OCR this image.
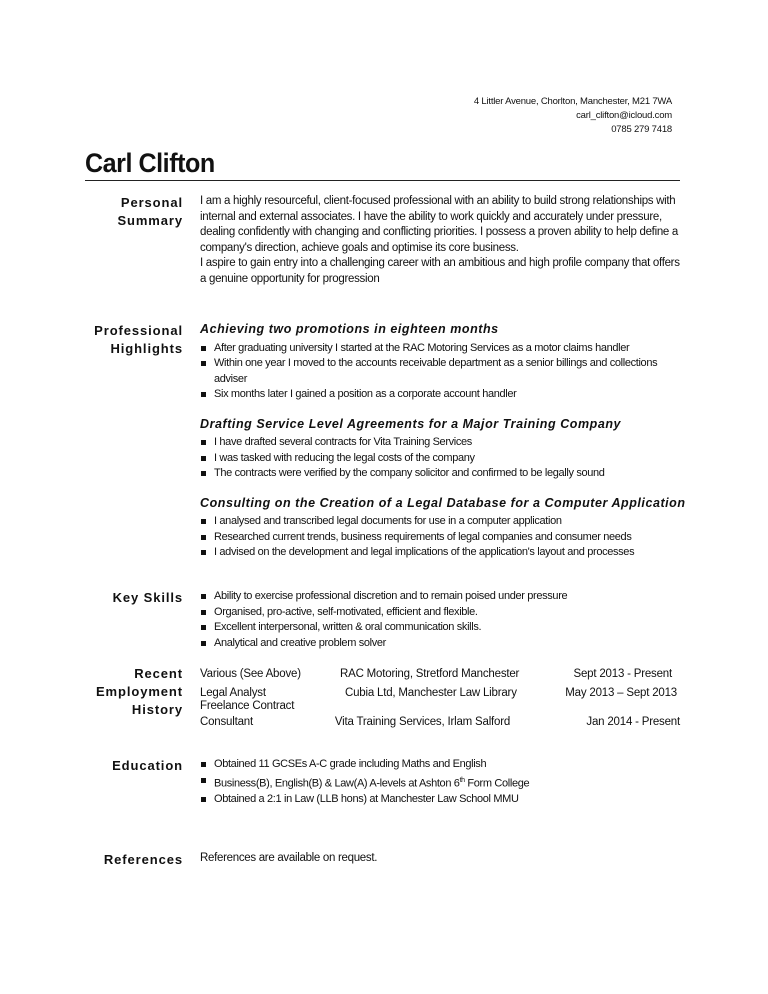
4 Littler Avenue, Chorlton, Manchester, M21 7WA
carl_clifton@icloud.com
0785 279 7418
Carl Clifton
Personal
Summary

I am a highly resourceful, client-focused professional with an ability to build strong relationships with internal and external associates. I have the ability to work quickly and accurately under pressure, dealing confidently with changing and conflicting priorities. I possess a proven ability to help define a company's direction, achieve goals and optimise its core business.

I aspire to gain entry into a challenging career with an ambitious and high profile company that offers a genuine opportunity for progression

Professional
Highlights
Achieving two promotions in eighteen months
After graduating university I started at the RAC Motoring Services as a motor claims handler
Within one year I moved to the accounts receivable department as a senior billings and collections adviser
Six months later I gained a position as a corporate account handler
Drafting Service Level Agreements for a Major Training Company
I have drafted several contracts for Vita Training Services
I was tasked with reducing the legal costs of the company
The contracts were verified by the company solicitor and confirmed to be legally sound
Consulting on the Creation of a Legal Database for a Computer Application
I analysed and transcribed legal documents for use in a computer application
Researched current trends, business requirements of legal companies and consumer needs
I advised on the development and legal implications of the application's layout and processes
Key Skills	Ability to exercise professional discretion and to remain poised under pressure
Organised, pro-active, self-motivated, efficient and flexible.
Excellent interpersonal, written & oral communication skills.
Analytical and creative problem solver
Recent
Employment
History
Various (See Above)	RAC Motoring, Stretford Manchester	Sept 2013 - Present
Legal Analyst	Cubia Ltd, Manchester Law Library	May 2013 – Sept 2013
Freelance Contract Consultant	Vita Training Services, Irlam Salford	Jan 2014 - Present
Education	Obtained 11 GCSEs A-C grade including Maths and English
Business(B), English(B) & Law(A) A-levels at Ashton 6th Form College
Obtained a 2:1 in Law (LLB hons) at Manchester Law School MMU
References References are available on request.
